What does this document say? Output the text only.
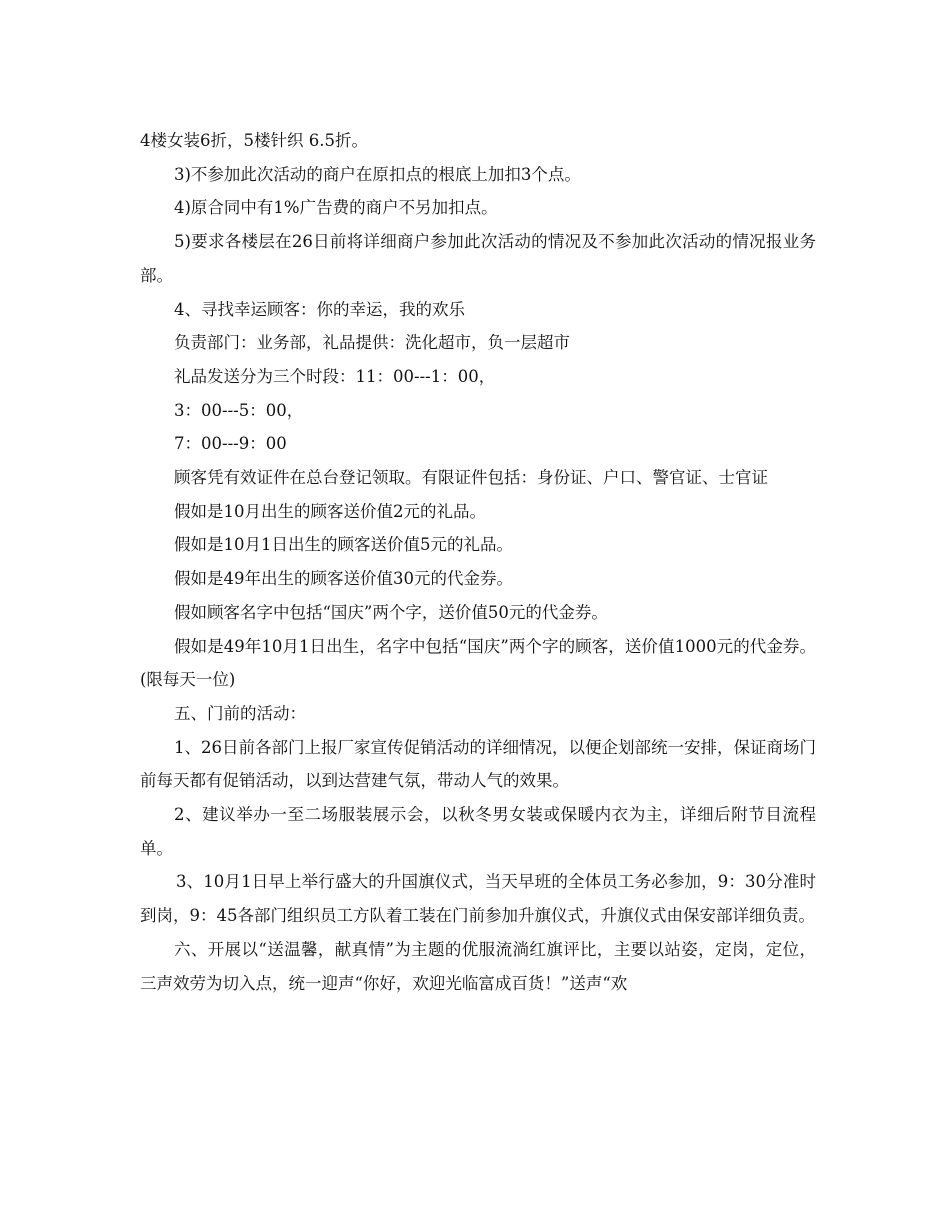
4楼女装6折，5楼针织 6.5折。

3)不参加此次活动的商户在原扣点的根底上加扣3个点。

4)原合同中有1%广告费的商户不另加扣点。

5)要求各楼层在26日前将详细商户参加此次活动的情况及不参加此次活动的情况报业务部。

4、寻找幸运顾客：你的幸运，我的欢乐

负责部门：业务部，礼品提供：洗化超市，负一层超市

礼品发送分为三个时段：11：00---1：00，

3：00---5：00，

7：00---9：00

顾客凭有效证件在总台登记领取。有限证件包括：身份证、户口、警官证、士官证

假如是10月出生的顾客送价值2元的礼品。

假如是10月1日出生的顾客送价值5元的礼品。

假如是49年出生的顾客送价值30元的代金券。

假如顾客名字中包括“国庆”两个字，送价值50元的代金券。

假如是49年10月1日出生，名字中包括“国庆”两个字的顾客，送价值1000元的代金券。(限每天一位)

五、门前的活动：

1、26日前各部门上报厂家宣传促销活动的详细情况，以便企划部统一安排，保证商场门前每天都有促销活动，以到达营建气氛，带动人气的效果。

2、建议举办一至二场服装展示会，以秋冬男女装或保暖内衣为主，详细后附节目流程单。

3、10月1日早上举行盛大的升国旗仪式，当天早班的全体员工务必参加，9：30分准时到岗，9：45各部门组织员工方队着工装在门前参加升旗仪式，升旗仪式由保安部详细负责。

六、开展以“送温馨，献真情”为主题的优服流淌红旗评比，主要以站姿，定岗，定位，三声效劳为切入点，统一迎声“你好，欢迎光临富成百货！”送声“欢
